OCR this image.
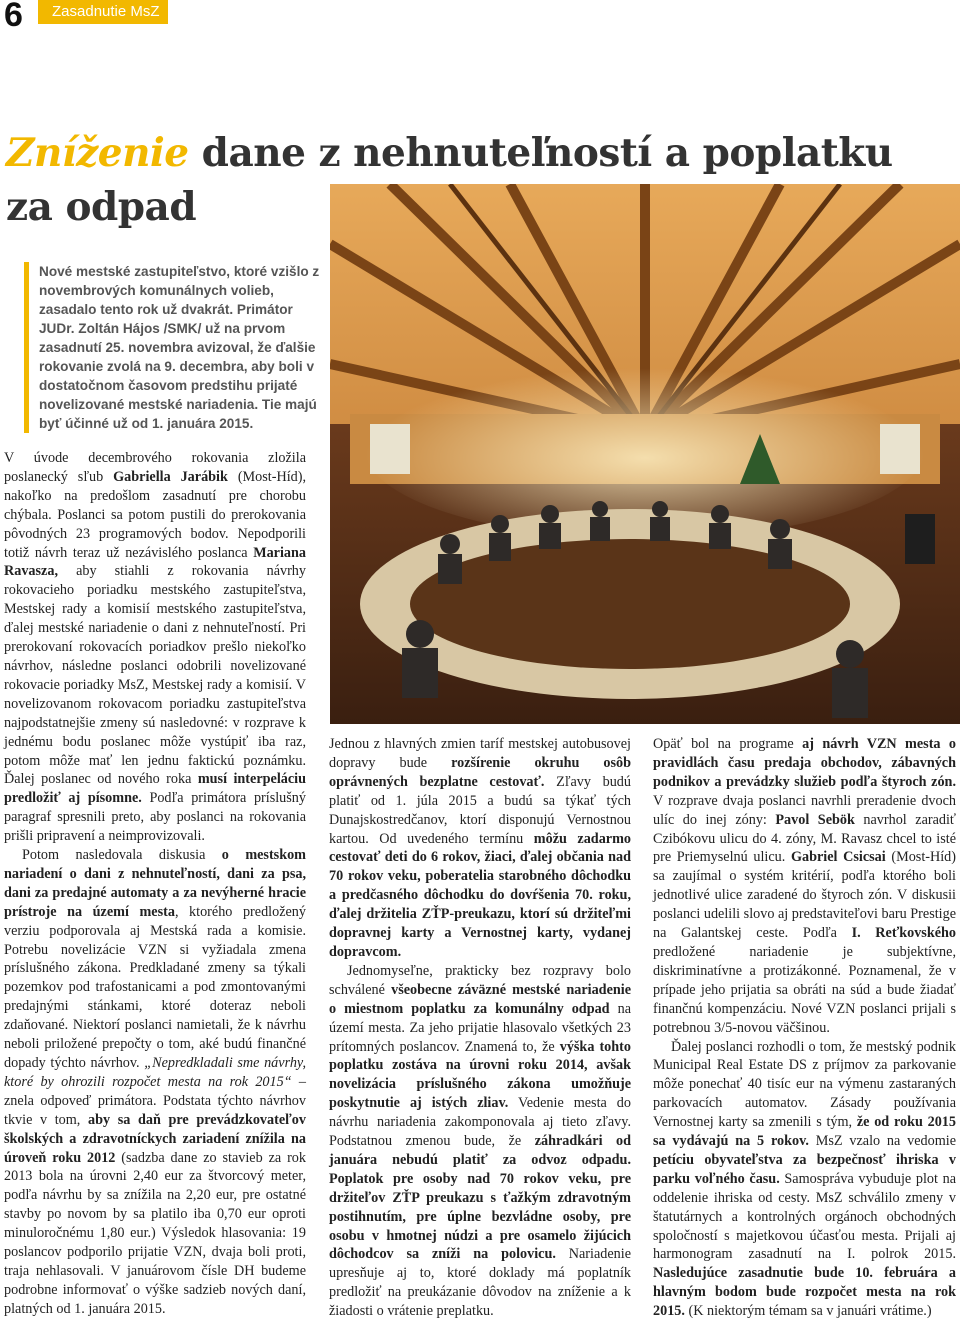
6	Zasadnutie MsZ
Zníženie dane z nehnuteľností a poplatku
za odpad
Nové mestské zastupiteľstvo, ktoré vzišlo z novembrových komunálnych volieb, zasadalo tento rok už dvakrát. Primátor JUDr. Zoltán Hájos /SMK/ už na prvom zasadnutí 25. novembra avizoval, že ďalšie rokovanie zvolá na 9. decembra, aby boli v dostatočnom časovom predstihu prijaté novelizované mestské nariadenia. Tie majú byť účinné už od 1. januára 2015.

V úvode decembrového rokovania zložila poslanecký sľub Gabriella Jarábik (Most-Híd), nakoľko na predošlom zasadnutí pre chorobu chýbala. Poslanci sa potom pustili do prerokovania pôvodných 23 programových bodov. Nepodporili totiž návrh teraz už nezávislého poslanca Mariana Ravasza, aby stiahli z rokovania návrhy rokovacieho poriadku mestského zastupiteľstva, Mestskej rady a komisií mestského zastupiteľstva, ďalej mestské nariadenie o dani z nehnuteľností. Pri prerokovaní rokovacích poriadkov prešlo niekoľko návrhov, následne poslanci odobrili novelizované rokovacie poriadky MsZ, Mestskej rady a komisií. V novelizovanom rokovacom poriadku zastupiteľstva najpodstatnejšie zmeny sú nasledovné: v rozprave k jednému bodu poslanec môže vystúpiť iba raz, potom môže mať len jednu faktickú poznámku. Ďalej poslanec od nového roka musí interpeláciu predložiť aj písomne. Podľa primátora príslušný paragraf spresnili preto, aby poslanci na rokovania prišli pripravení a neimprovizovali.

Potom nasledovala diskusia o mestskom nariadení o dani z nehnuteľností, dani za psa, dani za predajné automaty a za nevýherné hracie prístroje na území mesta, ktorého predložený verziu podporovala aj Mestská rada a komisie. Potrebu novelizácie VZN si vyžiadala zmena príslušného zákona. Predkladané zmeny sa týkali pozemkov pod trafostanicami a pod zmontovanými predajnými stánkami, ktoré doteraz neboli zdaňované. Niektorí poslanci namietali, že k návrhu neboli priložené prepočty o tom, aké budú finančné dopady týchto návrhov. „Nepredkladali sme návrhy, ktoré by ohrozili rozpočet mesta na rok 2015“ – znela odpoveď primátora. Podstata týchto návrhov tkvie v tom, aby sa daň pre prevádzkovateľov školských a zdravotníckych zariadení znížila na úroveň roku 2012 (sadzba dane zo stavieb za rok 2013 bola na úrovni 2,40 eur za štvorcový meter, podľa návrhu by sa znížila na 2,20 eur, pre ostatné stavby po novom by sa platilo iba 0,70 eur oproti minuloročnému 1,80 eur.) Výsledok hlasovania: 19 poslancov podporilo prijatie VZN, dvaja boli proti, traja nehlasovali. V januárovom čísle DH budeme podrobne informovať o výške sadzieb nových daní, platných od 1. januára 2015.

Jednou z hlavných zmien taríf mestskej autobusovej dopravy bude rozšírenie okruhu osôb oprávnených bezplatne cestovať. Zľavy budú platiť od 1. júla 2015 a budú sa týkať tých Dunajskostredčanov, ktorí disponujú Vernostnou kartou. Od uvedeného termínu môžu zadarmo cestovať deti do 6 rokov, žiaci, ďalej občania nad 70 rokov veku, poberatelia starobného dôchodku a predčasného dôchodku do dovŕšenia 70. roku, ďalej držitelia ZŤP-preukazu, ktorí sú držiteľmi dopravnej karty a Vernostnej karty, vydanej dopravcom.

Jednomyseľne, prakticky bez rozpravy bolo schválené všeobecne záväzné mestské nariadenie o miestnom poplatku za komunálny odpad na území mesta. Za jeho prijatie hlasovalo všetkých 23 prítomných poslancov. Znamená to, že výška tohto poplatku zostáva na úrovni roku 2014, avšak novelizácia príslušného zákona umožňuje poskytnutie aj istých zliav. Vedenie mesta do návrhu nariadenia zakomponovala aj tieto zľavy. Podstatnou zmenou bude, že záhradkári od januára nebudú platiť za odvoz odpadu. Poplatok pre osoby nad 70 rokov veku, pre držiteľov ZŤP preukazu s ťažkým zdravotným postihnutím, pre úplne bezvládne osoby, pre osobu v hmotnej núdzi a pre osamelo žijúcich dôchodcov sa zníži na polovicu. Nariadenie upresňuje aj to, ktoré doklady má poplatník predložiť na preukázanie dôvodov na zníženie a k žiadosti o vrátenie preplatku.

Opäť bol na programe aj návrh VZN mesta o pravidlách času predaja obchodov, zábavných podnikov a prevádzky služieb podľa štyroch zón. V rozprave dvaja poslanci navrhli preradenie dvoch ulíc do inej zóny: Pavol Sebök navrhol zaradiť Czibókovu ulicu do 4. zóny, M. Ravasz chcel to isté pre Priemyselnú ulicu. Gabriel Csicsai (Most-Híd) sa zaujímal o systém kritérií, podľa ktorého boli jednotlivé ulice zaradené do štyroch zón. V diskusii poslanci udelili slovo aj predstaviteľovi baru Prestige na Galantskej ceste. Podľa I. Reťkovského predložené nariadenie je subjektívne, diskriminatívne a protizákonné. Poznamenal, že v prípade jeho prijatia sa obráti na súd a bude žiadať finančnú kompenzáciu. Nové VZN poslanci prijali s potrebnou 3/5-novou väčšinou.

Ďalej poslanci rozhodli o tom, že mestský podnik Municipal Real Estate DS z príjmov za parkovanie môže ponechať 40 tisíc eur na výmenu zastaraných parkovacích automatov. Zásady používania Vernostnej karty sa zmenili s tým, že od roku 2015 sa vydávajú na 5 rokov. MsZ vzalo na vedomie petíciu obyvateľstva za bezpečnosť ihriska v parku voľného času. Samospráva vybuduje plot na oddelenie ihriska od cesty. MsZ schválilo zmeny v štatutárnych a kontrolných orgánoch obchodných spoločností s majetkovou účasťou mesta. Prijali aj harmonogram zasadnutí na I. polrok 2015. Nasledujúce zasadnutie bude 10. februára a hlavným bodom bude rozpočet mesta na rok 2015. (K niektorým témam sa v januári vrátime.)
